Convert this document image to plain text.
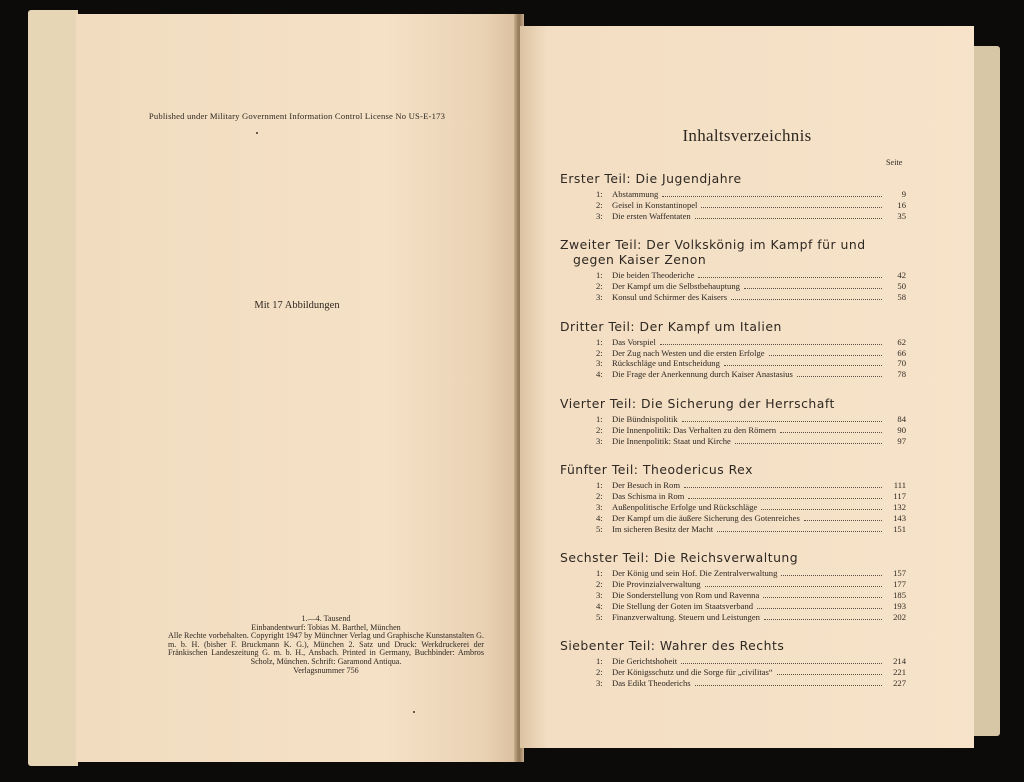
Published under Military Government Information Control License No US-E-173
Mit 17 Abbildungen
1.—4. Tausend
Einbandentwurf: Tobias M. Barthel, München
Alle Rechte vorbehalten. Copyright 1947 by Münchner Verlag und Graphische Kunstanstalten G. m. b. H. (bisher F. Bruckmann K. G.), München 2. Satz und Druck: Werkdruckerei der Fränkischen Landeszeitung G. m. b. H., Ansbach. Printed in Germany, Buchbinder: Ambros Scholz, München. Schrift: Garamond Antiqua.
Verlagsnummer 756
Inhaltsverzeichnis
Seite
Erster Teil: Die Jugendjahre
1:	Abstammung	9
2:	Geisel in Konstantinopel	16
3:	Die ersten Waffentaten	35
Zweiter Teil: Der Volkskönig im Kampf für und
gegen Kaiser Zenon
1:	Die beiden Theoderiche	42
2:	Der Kampf um die Selbstbehauptung	50
3:	Konsul und Schirmer des Kaisers	58
Dritter Teil: Der Kampf um Italien
1:	Das Vorspiel	62
2:	Der Zug nach Westen und die ersten Erfolge	66
3:	Rückschläge und Entscheidung	70
4:	Die Frage der Anerkennung durch Kaiser Anastasius	78
Vierter Teil: Die Sicherung der Herrschaft
1:	Die Bündnispolitik	84
2:	Die Innenpolitik: Das Verhalten zu den Römern	90
3:	Die Innenpolitik: Staat und Kirche	97
Fünfter Teil: Theodericus Rex
1:	Der Besuch in Rom	111
2:	Das Schisma in Rom	117
3:	Außenpolitische Erfolge und Rückschläge	132
4:	Der Kampf um die äußere Sicherung des Gotenreiches	143
5:	Im sicheren Besitz der Macht	151
Sechster Teil: Die Reichsverwaltung
1:	Der König und sein Hof. Die Zentralverwaltung	157
2:	Die Provinzialverwaltung	177
3:	Die Sonderstellung von Rom und Ravenna	185
4:	Die Stellung der Goten im Staatsverband	193
5:	Finanzverwaltung. Steuern und Leistungen	202
Siebenter Teil: Wahrer des Rechts
1:	Die Gerichtshoheit	214
2:	Der Königsschutz und die Sorge für „civilitas“	221
3:	Das Edikt Theoderichs	227
